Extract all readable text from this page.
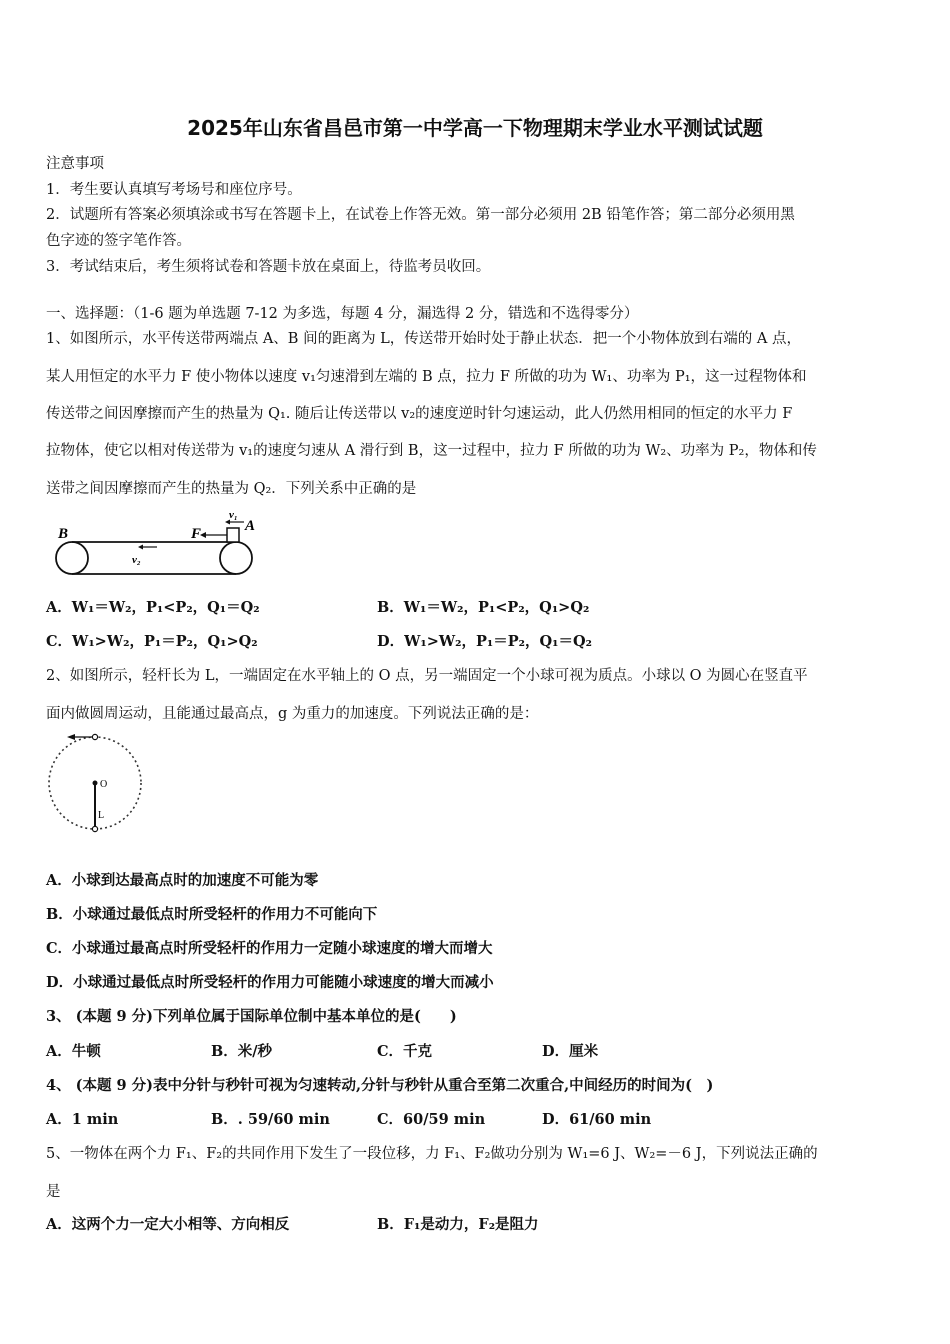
2025年山东省昌邑市第一中学高一下物理期末学业水平测试试题
注意事项
1．考生要认真填写考场号和座位序号。
2．试题所有答案必须填涂或书写在答题卡上，在试卷上作答无效。第一部分必须用 2B 铅笔作答；第二部分必须用黑
色字迹的签字笔作答。
3．考试结束后，考生须将试卷和答题卡放在桌面上，待监考员收回。
一、选择题：（1-6 题为单选题 7-12 为多选，每题 4 分，漏选得 2 分，错选和不选得零分）
1、如图所示，水平传送带两端点 A、B 间的距离为 L，传送带开始时处于静止状态．把一个小物体放到右端的 A 点，
某人用恒定的水平力 F 使小物体以速度 v₁匀速滑到左端的 B 点，拉力 F 所做的功为 W₁、功率为 P₁，这一过程物体和
传送带之间因摩擦而产生的热量为 Q₁. 随后让传送带以 v₂的速度逆时针匀速运动，此人仍然用相同的恒定的水平力 F
拉物体，使它以相对传送带为 v₁的速度匀速从 A 滑行到 B，这一过程中，拉力 F 所做的功为 W₂、功率为 P₂，物体和传
送带之间因摩擦而产生的热量为 Q₂．下列关系中正确的是
B	F	A
v₁
v₂
A．W₁＝W₂，P₁<P₂，Q₁＝Q₂	B．W₁＝W₂，P₁<P₂，Q₁>Q₂
C．W₁>W₂，P₁＝P₂，Q₁>Q₂	D．W₁>W₂，P₁＝P₂，Q₁＝Q₂
2、如图所示，轻杆长为 L，一端固定在水平轴上的 O 点，另一端固定一个小球可视为质点。小球以 O 为圆心在竖直平
面内做圆周运动，且能通过最高点，g 为重力的加速度。下列说法正确的是：
O
L
A．小球到达最高点时的加速度不可能为零
B．小球通过最低点时所受轻杆的作用力不可能向下
C．小球通过最高点时所受轻杆的作用力一定随小球速度的增大而增大
D．小球通过最低点时所受轻杆的作用力可能随小球速度的增大而减小
3、 (本题 9 分)下列单位属于国际单位制中基本单位的是(　　)
A．牛顿	B．米/秒	C．千克	D．厘米
4、 (本题 9 分)表中分针与秒针可视为匀速转动,分针与秒针从重合至第二次重合,中间经历的时间为(　)
A．1 min	B．. 59/60 min	C．60/59 min	D．61/60 min
5、一物体在两个力 F₁、F₂的共同作用下发生了一段位移，力 F₁、F₂做功分别为 W₁=6 J、W₂=－6 J，下列说法正确的
是
A．这两个力一定大小相等、方向相反	B．F₁是动力，F₂是阻力
